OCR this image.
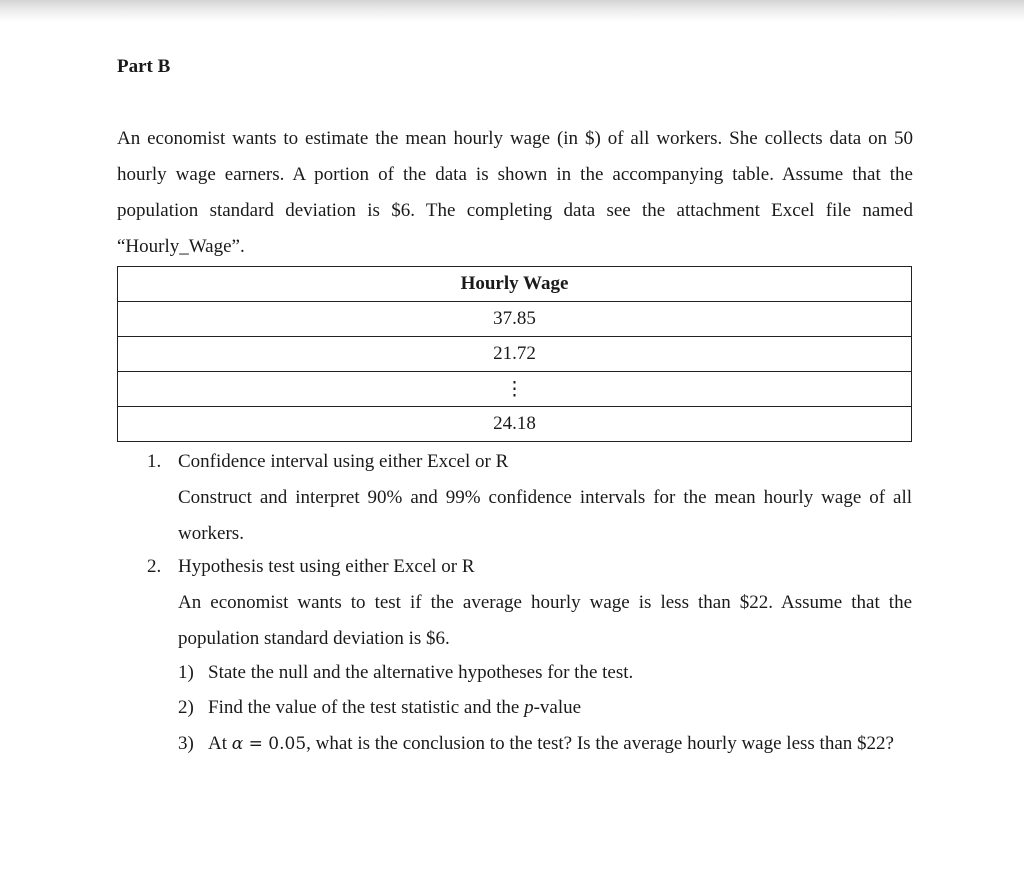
Part B

An economist wants to estimate the mean hourly wage (in $) of all workers. She collects data on 50 hourly wage earners. A portion of the data is shown in the accompanying table. Assume that the population standard deviation is $6. The completing data see the attachment Excel file named “Hourly_Wage”.

Hourly Wage
37.85
21.72
⋮
24.18
1. Confidence interval using either Excel or R

Construct and interpret 90% and 99% confidence intervals for the mean hourly wage of all workers.

2. Hypothesis test using either Excel or R

An economist wants to test if the average hourly wage is less than $22. Assume that the population standard deviation is $6.

1) State the null and the alternative hypotheses for the test.

2) Find the value of the test statistic and the p-value

3) At α = 0.05, what is the conclusion to the test? Is the average hourly wage less than $22?
